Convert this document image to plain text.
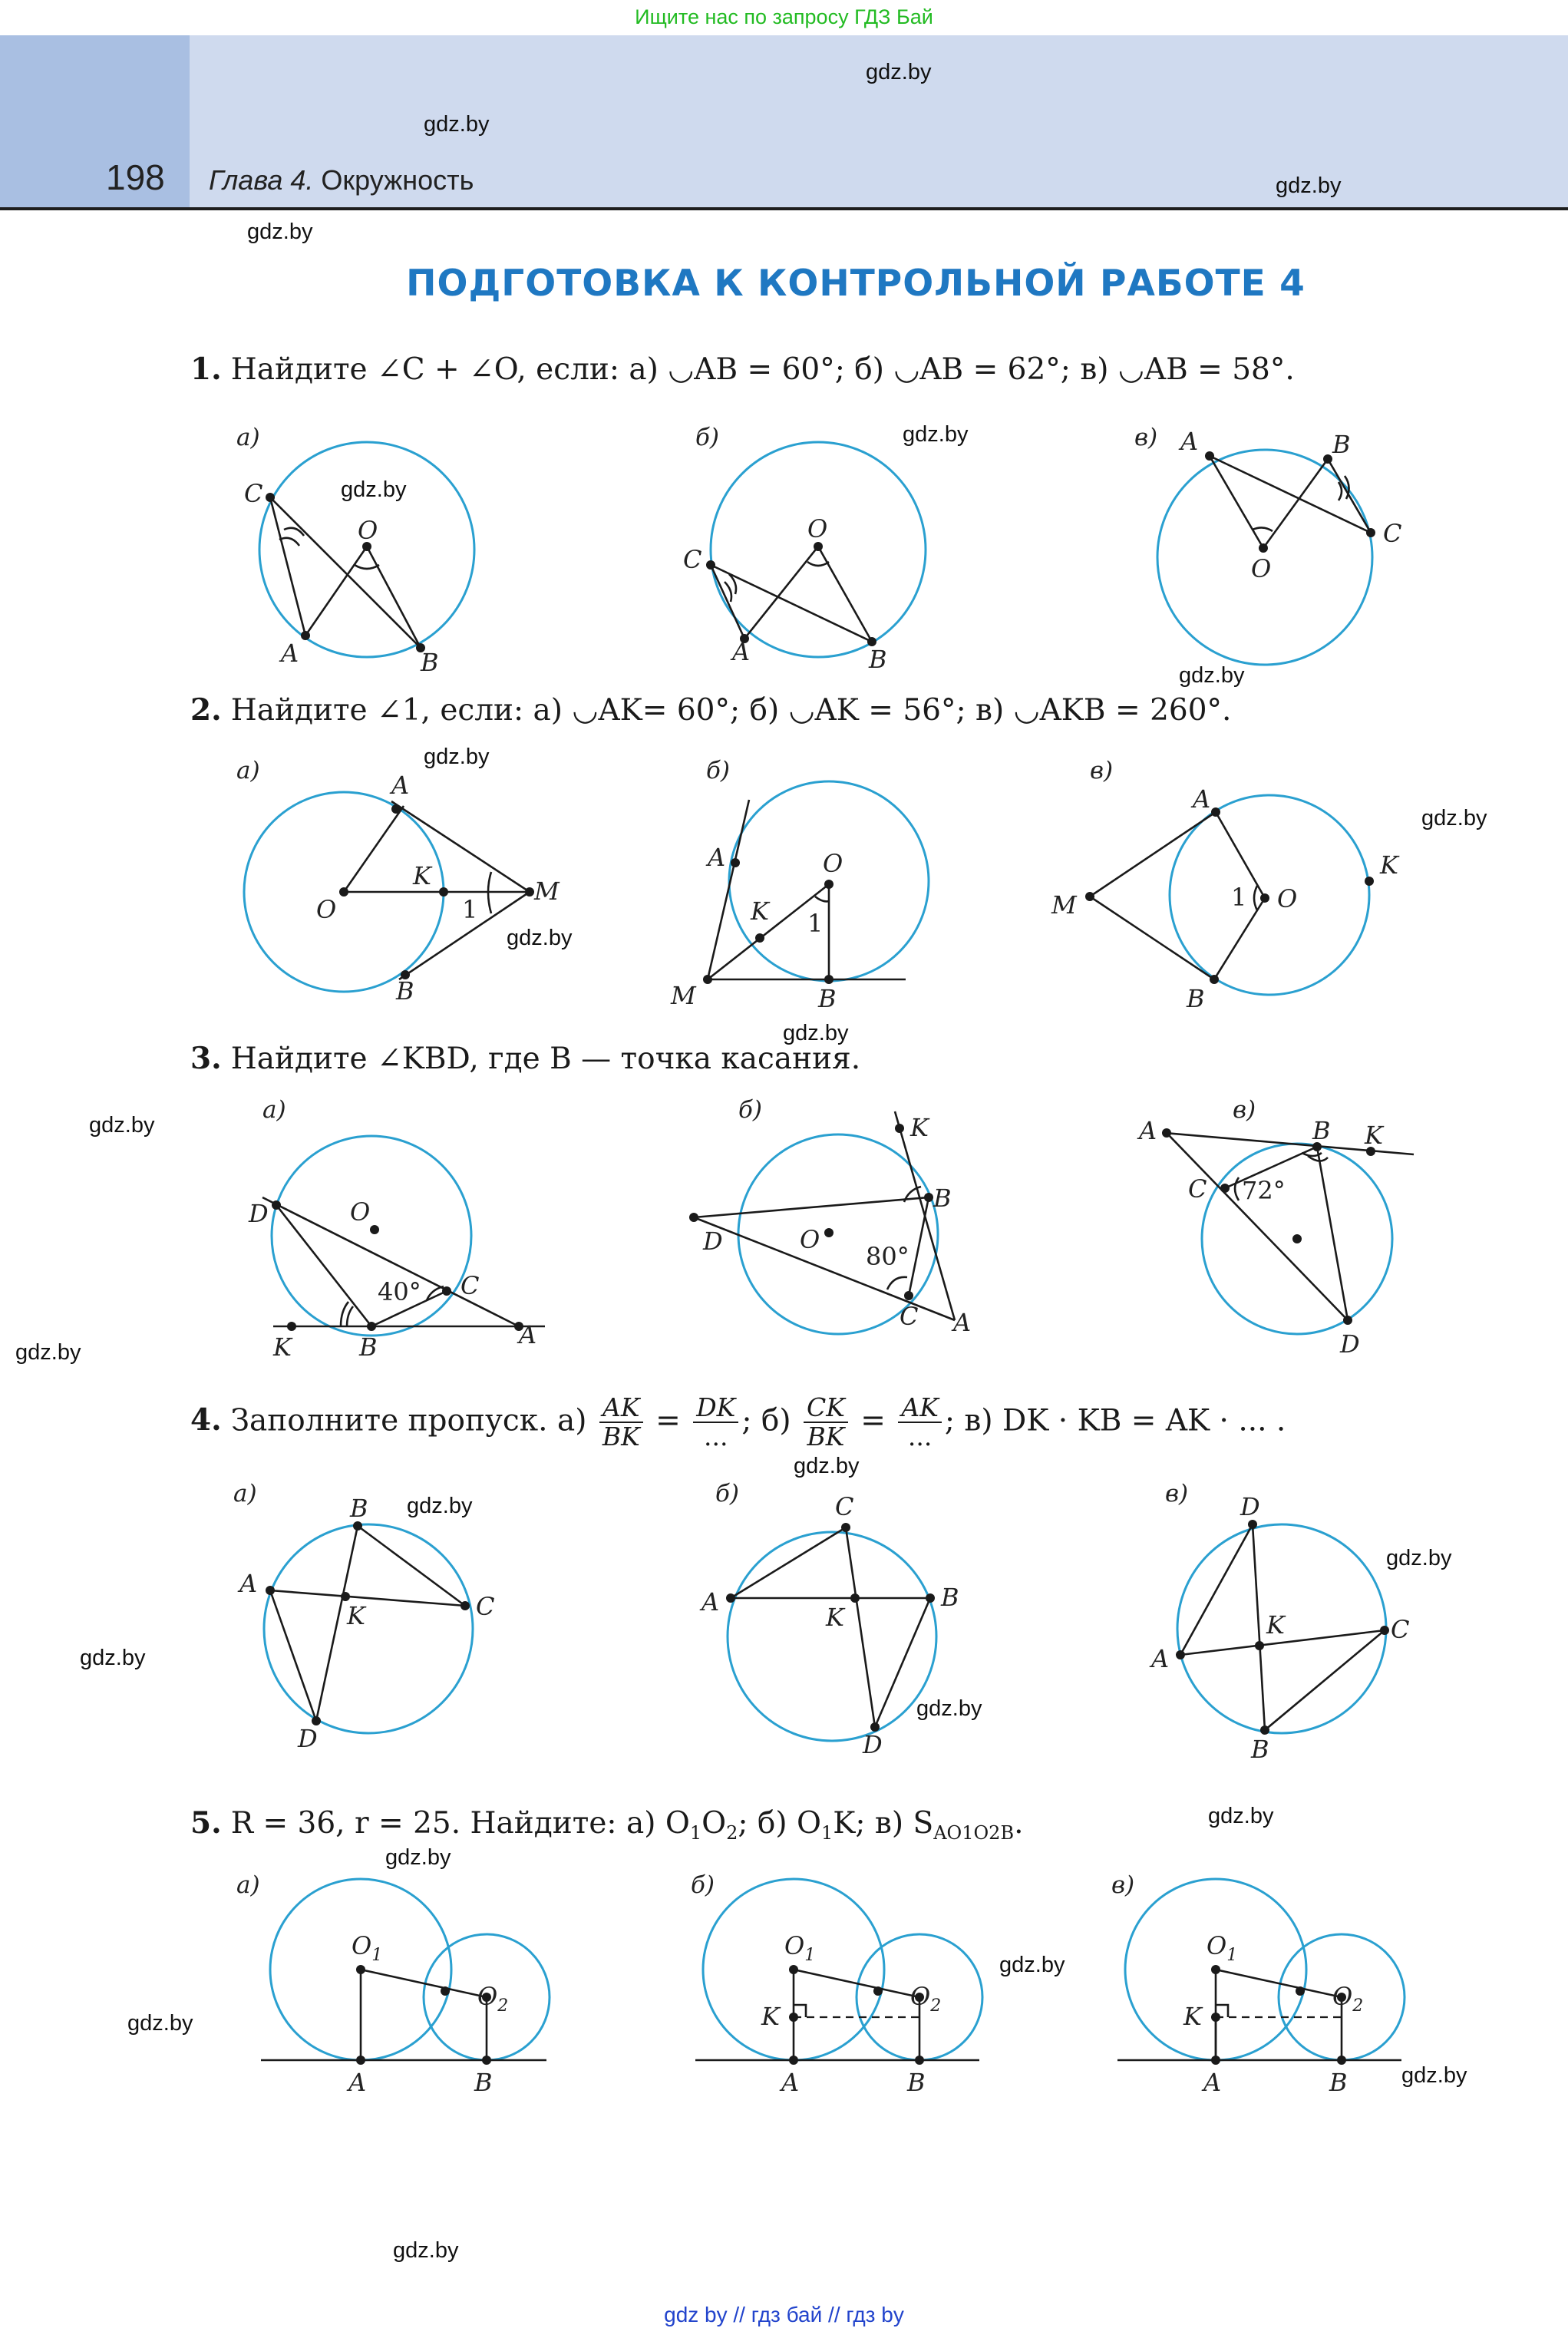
Ищите нас по запросу ГДЗ Бай
198 Глава 4. Окружность
gdz.by
gdz.by
gdz.by
gdz.by
gdz.by
gdz.by
gdz.by
gdz.by
gdz.by
gdz.by
gdz.by
gdz.by
gdz.by
gdz.by
gdz.by
gdz.by
gdz.by
gdz.by
gdz.by
gdz.by
gdz.by
gdz.by
gdz.by
gdz.by
ПОДГОТОВКА К КОНТРОЛЬНОЙ РАБОТЕ 4
1. Найдите ∠C + ∠O, если: а) ◡AB = 60°; б) ◡AB = 62°; в) ◡AB = 58°.
2. Найдите ∠1, если: а) ◡AK= 60°; б) ◡AK = 56°; в) ◡AKB = 260°.
3. Найдите ∠KBD, где B — точка касания.
4. Заполните пропуск. $а) \frac{AK}{BK} = \frac{DK}{...}$ ; $б) \frac{CK}{BK} = \frac{AK}{...}$ ; в) DK · KB = AK · ... .
5. R = 36, r = 25. Найдите: а) $O_1O_2$; б) $O_1K$; в) $S_{AO1O2B}$.
а)	б)	в)
а)	б)	в)
а)	б)	в)
а)	б)	в)
а)	б)	в)
C
A
O
B
C
A
O
B
A
O
B
C
O
K
A
B
M
1
A	O
K
M	B
1
A
M
B
O
K
1
D	O
C
B
K	A
40°
K
B
D	O
C A
80°
A	B K
C
D
72°
B
A
K	C
D
C
A
K
B
D
D
A
K	C
B
$O_1$
$O_2$
A	B
$O_1$
$O_2$
K
A	B
$O_1$
$O_2$
K
A	B
gdz by // гдз бай // гдз by
